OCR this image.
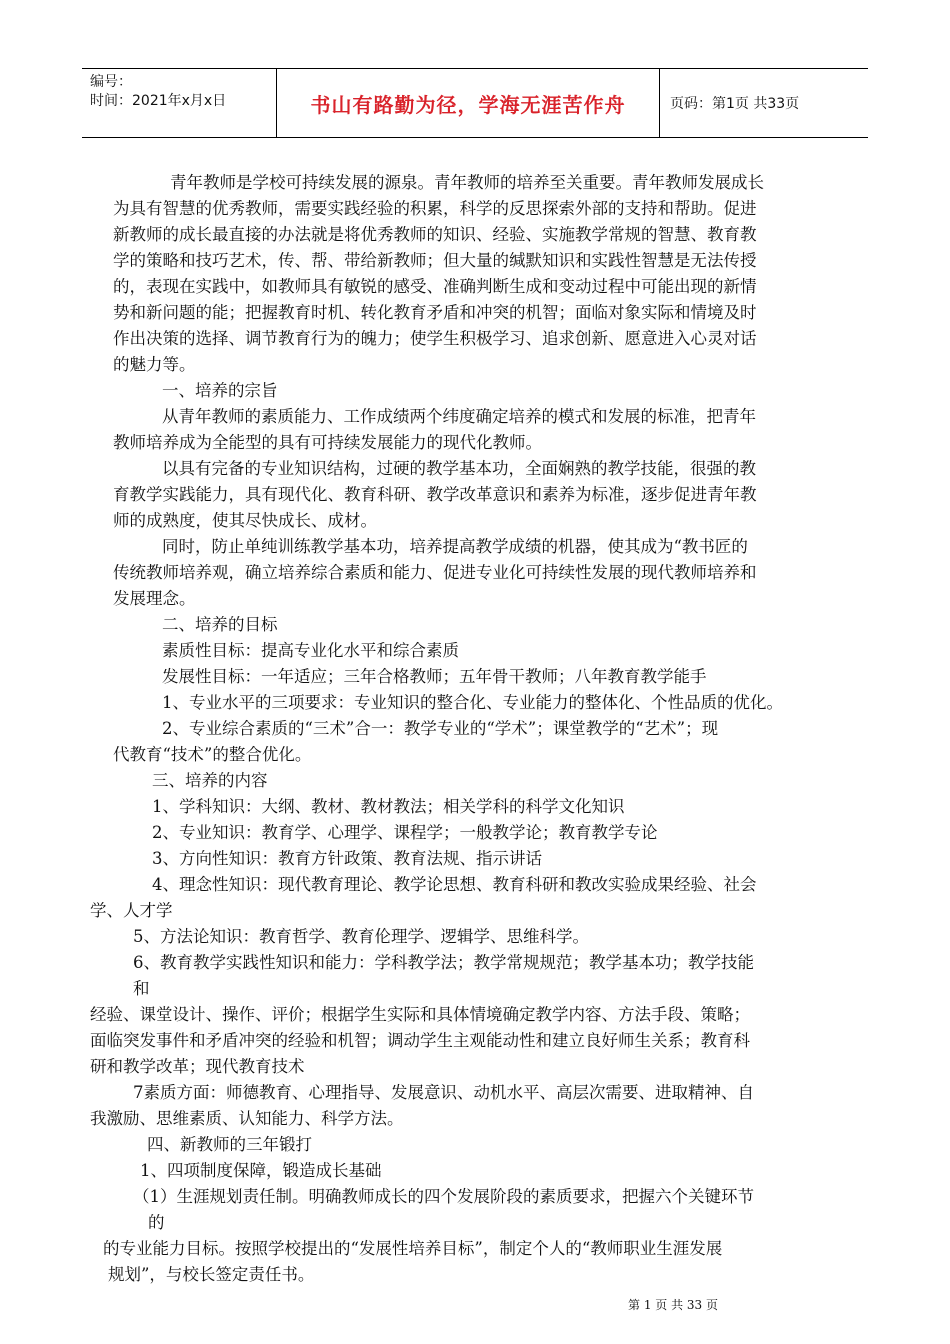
编号：
时间：2021年x月x日	书山有路勤为径，学海无涯苦作舟	页码：第1页 共33页
青年教师是学校可持续发展的源泉。青年教师的培养至关重要。青年教师发展成长
为具有智慧的优秀教师，需要实践经验的积累，科学的反思探索外部的支持和帮助。促进
新教师的成长最直接的办法就是将优秀教师的知识、经验、实施教学常规的智慧、教育教
学的策略和技巧艺术，传、帮、带给新教师；但大量的缄默知识和实践性智慧是无法传授
的，表现在实践中，如教师具有敏锐的感受、准确判断生成和变动过程中可能出现的新情
势和新问题的能；把握教育时机、转化教育矛盾和冲突的机智；面临对象实际和情境及时
作出决策的选择、调节教育行为的魄力；使学生积极学习、追求创新、愿意进入心灵对话
的魅力等。
一、培养的宗旨
从青年教师的素质能力、工作成绩两个纬度确定培养的模式和发展的标准，把青年
教师培养成为全能型的具有可持续发展能力的现代化教师。
以具有完备的专业知识结构，过硬的教学基本功，全面娴熟的教学技能，很强的教
育教学实践能力，具有现代化、教育科研、教学改革意识和素养为标准，逐步促进青年教
师的成熟度，使其尽快成长、成材。
同时，防止单纯训练教学基本功，培养提高教学成绩的机器，使其成为“教书匠的
传统教师培养观，确立培养综合素质和能力、促进专业化可持续性发展的现代教师培养和
发展理念。
二、培养的目标
素质性目标：提高专业化水平和综合素质
发展性目标：一年适应；三年合格教师；五年骨干教师；八年教育教学能手
1、专业水平的三项要求：专业知识的整合化、专业能力的整体化、个性品质的优化。
2、专业综合素质的“三术”合一：教学专业的“学术”；课堂教学的“艺术”；现
代教育“技术”的整合优化。
三、培养的内容
1、学科知识：大纲、教材、教材教法；相关学科的科学文化知识
2、专业知识：教育学、心理学、课程学；一般教学论；教育教学专论
3、方向性知识：教育方针政策、教育法规、指示讲话
4、理念性知识：现代教育理论、教学论思想、教育科研和教改实验成果经验、社会
学、人才学
5、方法论知识：教育哲学、教育伦理学、逻辑学、思维科学。
6、教育教学实践性知识和能力：学科教学法；教学常规规范；教学基本功；教学技能
和
经验、课堂设计、操作、评价；根据学生实际和具体情境确定教学内容、方法手段、策略；
面临突发事件和矛盾冲突的经验和机智；调动学生主观能动性和建立良好师生关系；教育科
研和教学改革；现代教育技术
7素质方面：师德教育、心理指导、发展意识、动机水平、高层次需要、进取精神、自
我激励、思维素质、认知能力、科学方法。
四、新教师的三年锻打
1、四项制度保障，锻造成长基础
（1）生涯规划责任制。明确教师成长的四个发展阶段的素质要求，把握六个关键环节
的
的专业能力目标。按照学校提出的“发展性培养目标”，制定个人的“教师职业生涯发展
规划”，与校长签定责任书。
第 1 页 共 33 页
